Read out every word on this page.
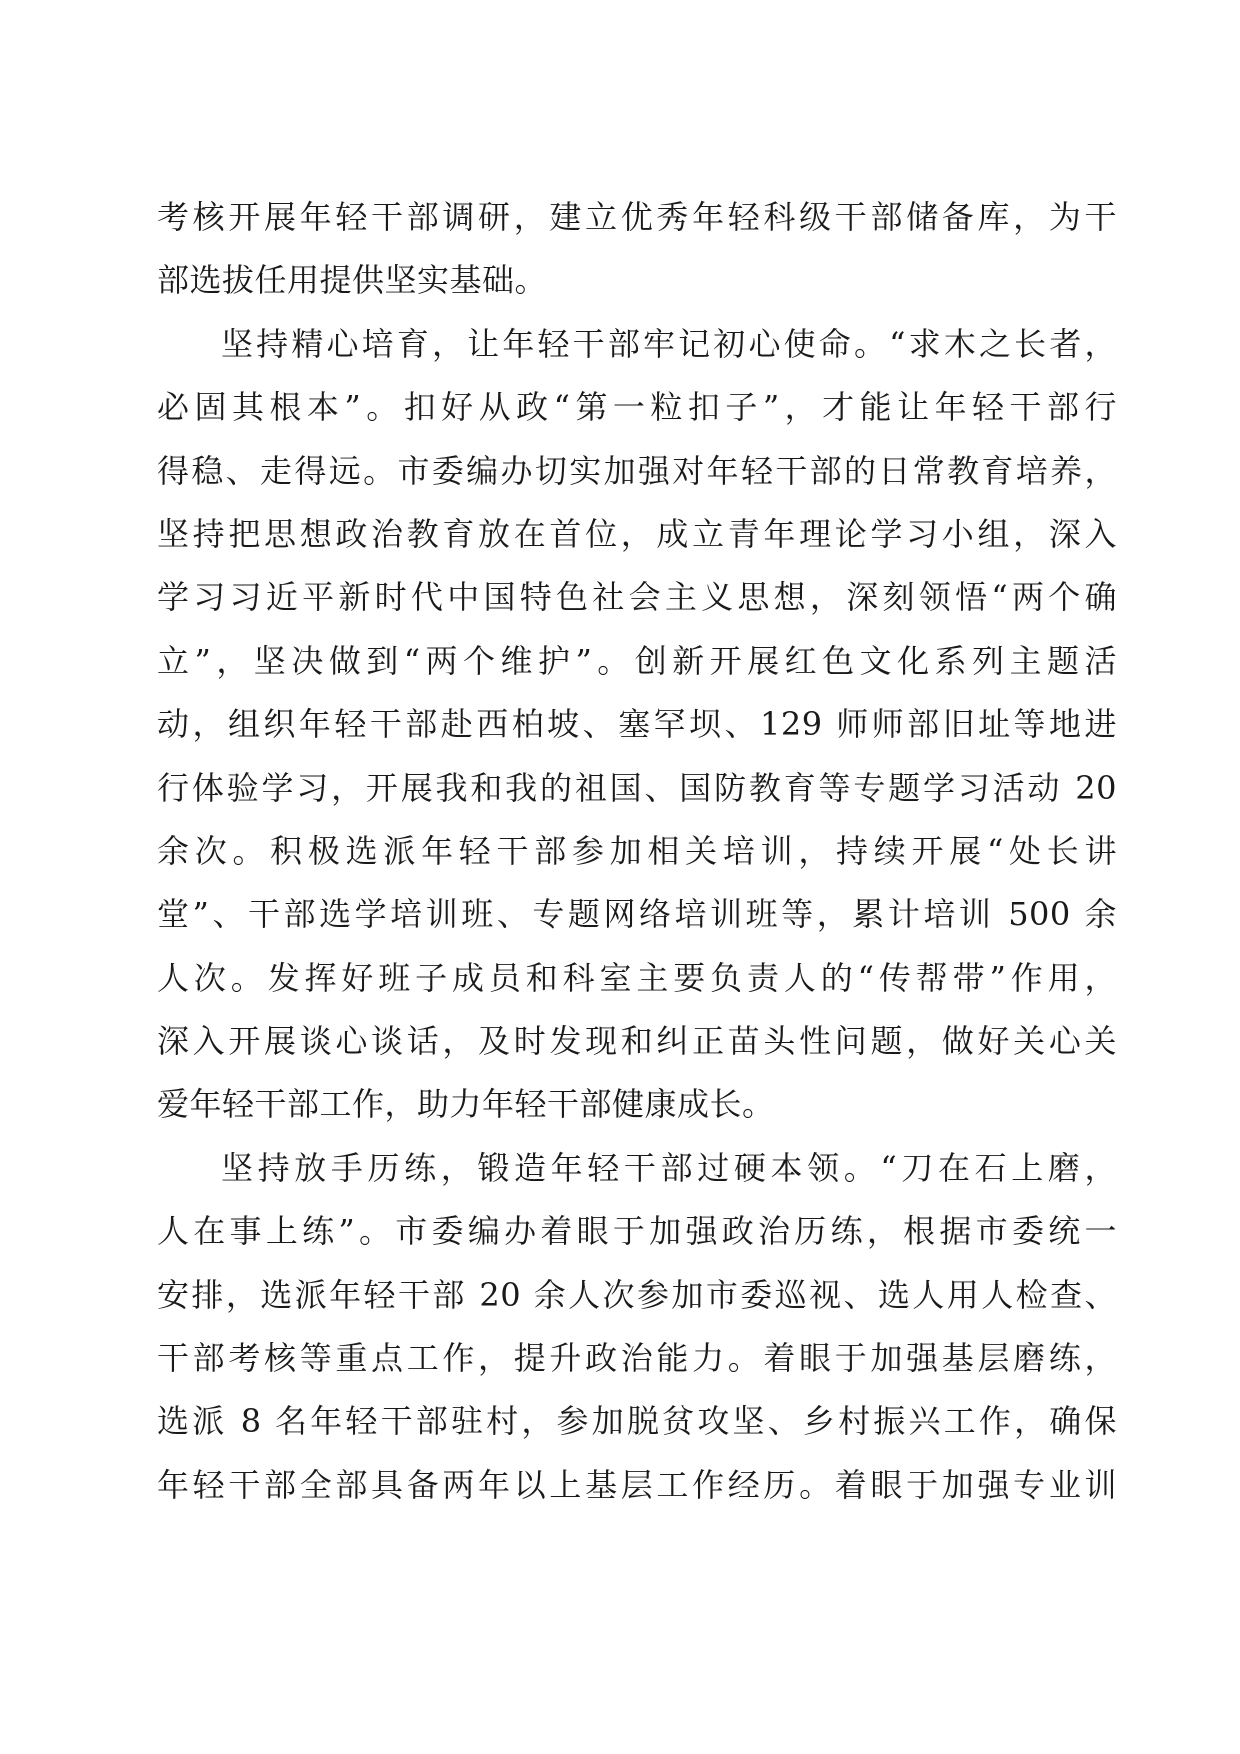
考核开展年轻干部调研，建立优秀年轻科级干部储备库，为干
部选拔任用提供坚实基础。
坚持精心培育，让年轻干部牢记初心使命。“求木之长者，
必固其根本”。扣好从政“第一粒扣子”，才能让年轻干部行
得稳、走得远。市委编办切实加强对年轻干部的日常教育培养，
坚持把思想政治教育放在首位，成立青年理论学习小组，深入
学习习近平新时代中国特色社会主义思想，深刻领悟“两个确
立”，坚决做到“两个维护”。创新开展红色文化系列主题活
动，组织年轻干部赴西柏坡、塞罕坝、129 师师部旧址等地进
行体验学习，开展我和我的祖国、国防教育等专题学习活动 20
余次。积极选派年轻干部参加相关培训，持续开展“处长讲
堂”、干部选学培训班、专题网络培训班等，累计培训 500 余
人次。发挥好班子成员和科室主要负责人的“传帮带”作用，
深入开展谈心谈话，及时发现和纠正苗头性问题，做好关心关
爱年轻干部工作，助力年轻干部健康成长。
坚持放手历练，锻造年轻干部过硬本领。“刀在石上磨，
人在事上练”。市委编办着眼于加强政治历练，根据市委统一
安排，选派年轻干部 20 余人次参加市委巡视、选人用人检查、
干部考核等重点工作，提升政治能力。着眼于加强基层磨练，
选派 8 名年轻干部驻村，参加脱贫攻坚、乡村振兴工作，确保
年轻干部全部具备两年以上基层工作经历。着眼于加强专业训
